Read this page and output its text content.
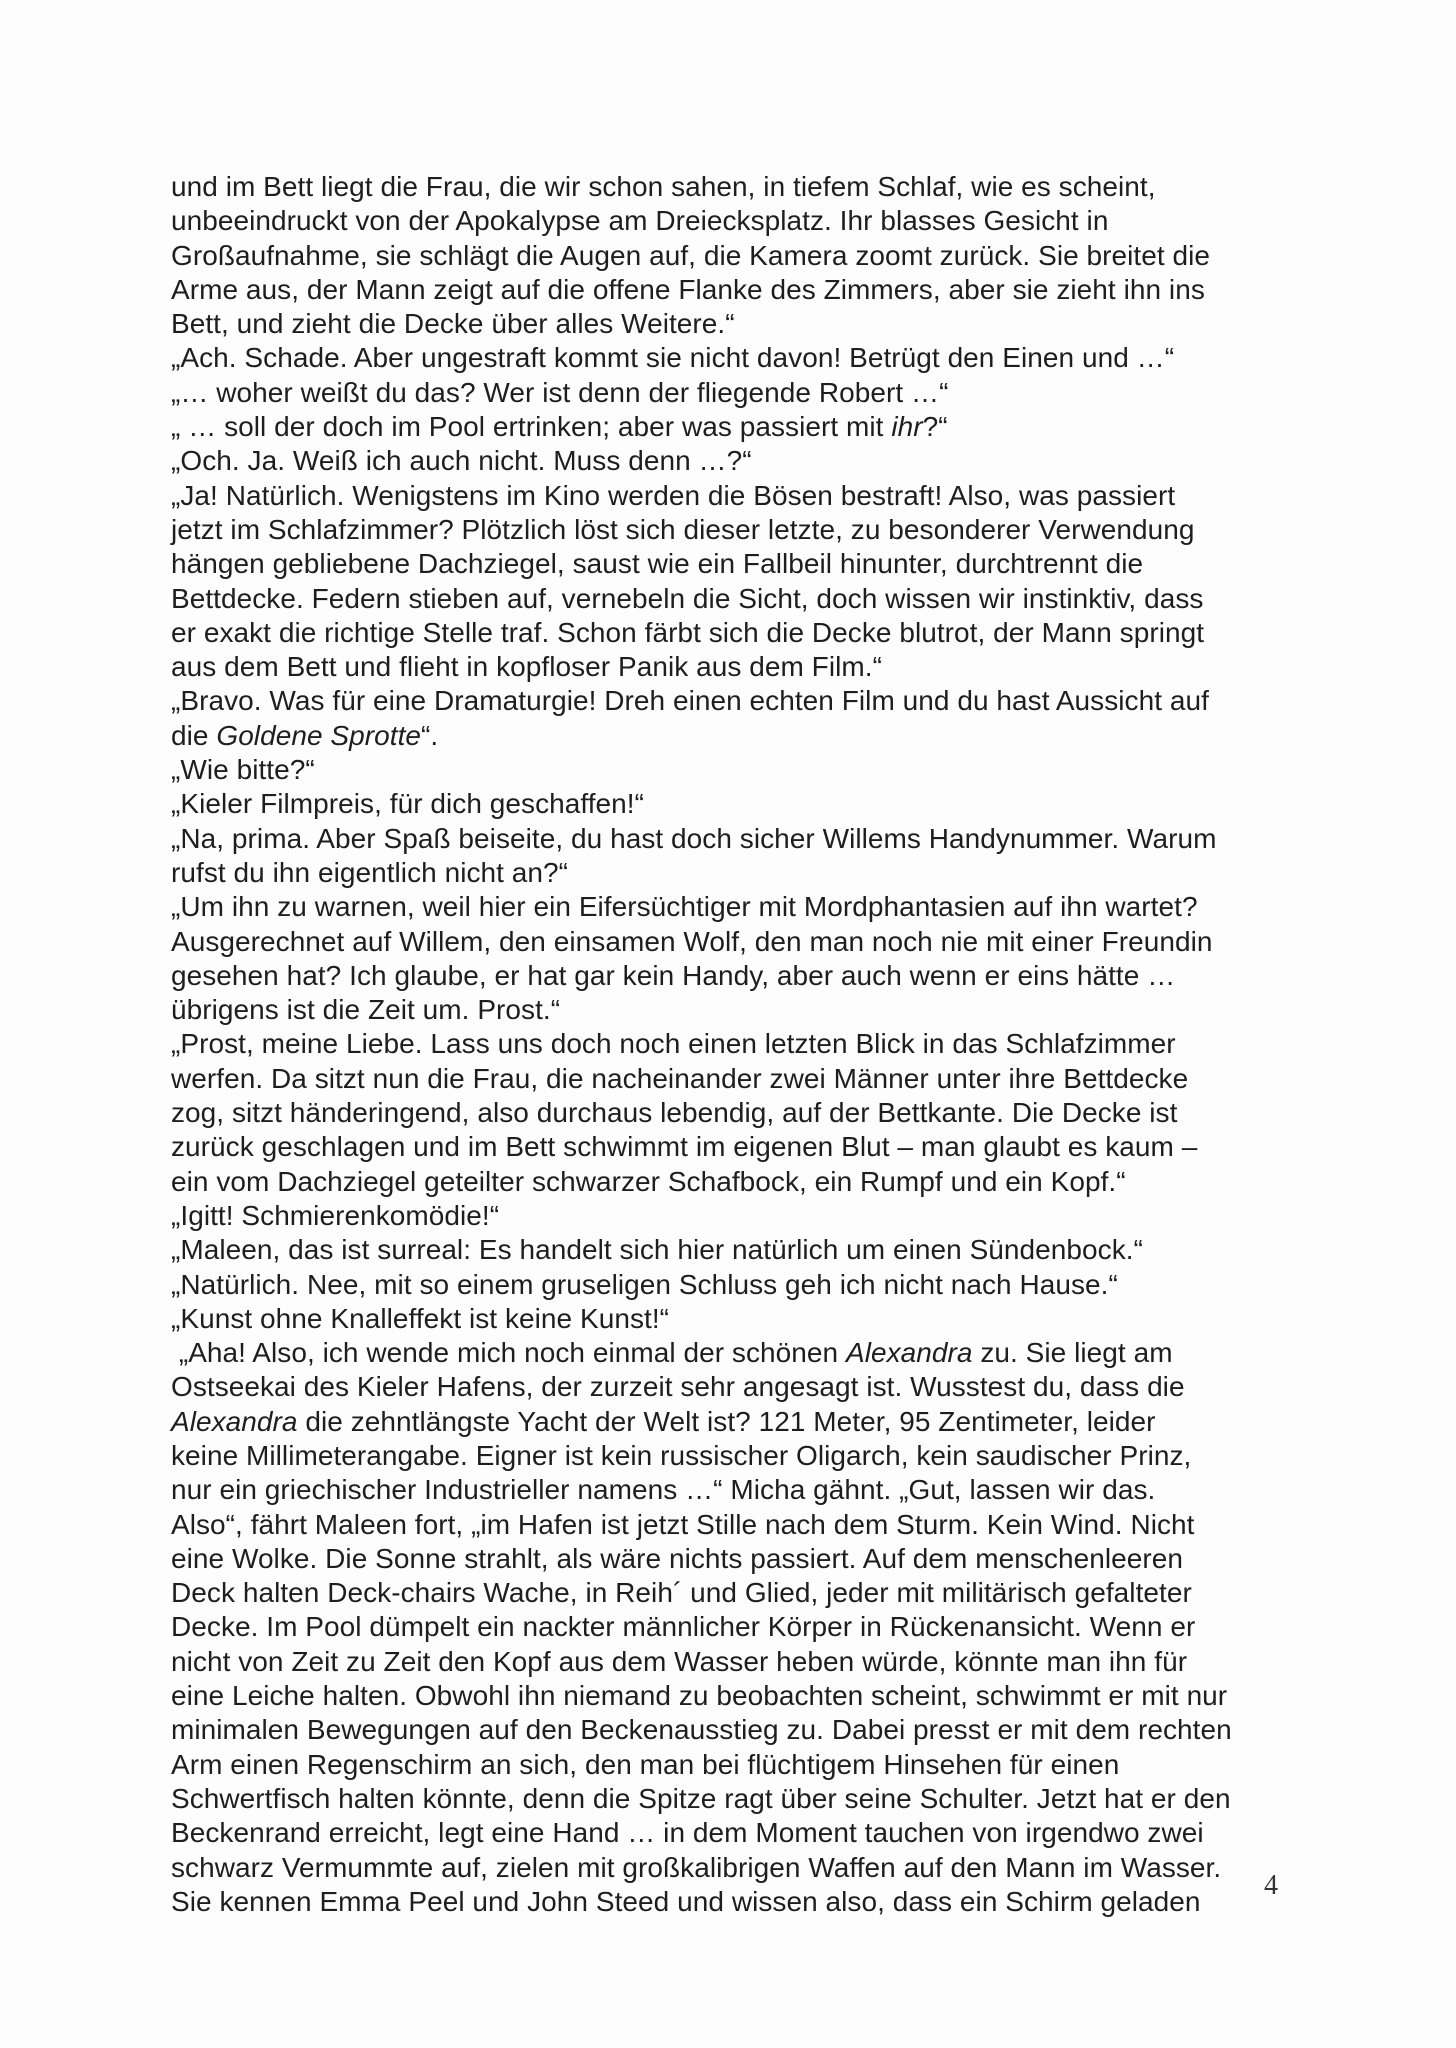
und im Bett liegt die Frau, die wir schon sahen, in tiefem Schlaf, wie es scheint,
unbeeindruckt von der Apokalypse am Dreiecksplatz. Ihr blasses Gesicht in
Großaufnahme, sie schlägt die Augen auf, die Kamera zoomt zurück. Sie breitet die
Arme aus, der Mann zeigt auf die offene Flanke des Zimmers, aber sie zieht ihn ins
Bett, und zieht die Decke über alles Weitere.“
„Ach. Schade. Aber ungestraft kommt sie nicht davon! Betrügt den Einen und …“
„… woher weißt du das? Wer ist denn der fliegende Robert …“
„ … soll der doch im Pool ertrinken; aber was passiert mit ihr?“
„Och. Ja. Weiß ich auch nicht. Muss denn …?“
„Ja! Natürlich. Wenigstens im Kino werden die Bösen bestraft! Also, was passiert
jetzt im Schlafzimmer? Plötzlich löst sich dieser letzte, zu besonderer Verwendung
hängen gebliebene Dachziegel, saust wie ein Fallbeil hinunter, durchtrennt die
Bettdecke. Federn stieben auf, vernebeln die Sicht, doch wissen wir instinktiv, dass
er exakt die richtige Stelle traf. Schon färbt sich die Decke blutrot, der Mann springt
aus dem Bett und flieht in kopfloser Panik aus dem Film.“
„Bravo. Was für eine Dramaturgie! Dreh einen echten Film und du hast Aussicht auf
die Goldene Sprotte“.
„Wie bitte?“
„Kieler Filmpreis, für dich geschaffen!“
„Na, prima. Aber Spaß beiseite, du hast doch sicher Willems Handynummer. Warum
rufst du ihn eigentlich nicht an?“
„Um ihn zu warnen, weil hier ein Eifersüchtiger mit Mordphantasien auf ihn wartet?
Ausgerechnet auf Willem, den einsamen Wolf, den man noch nie mit einer Freundin
gesehen hat? Ich glaube, er hat gar kein Handy, aber auch wenn er eins hätte …
übrigens ist die Zeit um. Prost.“
„Prost, meine Liebe. Lass uns doch noch einen letzten Blick in das Schlafzimmer
werfen. Da sitzt nun die Frau, die nacheinander zwei Männer unter ihre Bettdecke
zog, sitzt händeringend, also durchaus lebendig, auf der Bettkante. Die Decke ist
zurück geschlagen und im Bett schwimmt im eigenen Blut – man glaubt es kaum –
ein vom Dachziegel geteilter schwarzer Schafbock, ein Rumpf und ein Kopf.“
„Igitt! Schmierenkomödie!“
„Maleen, das ist surreal: Es handelt sich hier natürlich um einen Sündenbock.“
„Natürlich. Nee, mit so einem gruseligen Schluss geh ich nicht nach Hause.“
„Kunst ohne Knalleffekt ist keine Kunst!“
„Aha! Also, ich wende mich noch einmal der schönen Alexandra zu. Sie liegt am
Ostseekai des Kieler Hafens, der zurzeit sehr angesagt ist. Wusstest du, dass die
Alexandra die zehntlängste Yacht der Welt ist? 121 Meter, 95 Zentimeter, leider
keine Millimeterangabe. Eigner ist kein russischer Oligarch, kein saudischer Prinz,
nur ein griechischer Industrieller namens …“ Micha gähnt. „Gut, lassen wir das.
Also“, fährt Maleen fort, „im Hafen ist jetzt Stille nach dem Sturm. Kein Wind. Nicht
eine Wolke. Die Sonne strahlt, als wäre nichts passiert. Auf dem menschenleeren
Deck halten Deck-chairs Wache, in Reih´ und Glied, jeder mit militärisch gefalteter
Decke. Im Pool dümpelt ein nackter männlicher Körper in Rückenansicht. Wenn er
nicht von Zeit zu Zeit den Kopf aus dem Wasser heben würde, könnte man ihn für
eine Leiche halten. Obwohl ihn niemand zu beobachten scheint, schwimmt er mit nur
minimalen Bewegungen auf den Beckenausstieg zu. Dabei presst er mit dem rechten
Arm einen Regenschirm an sich, den man bei flüchtigem Hinsehen für einen
Schwertfisch halten könnte, denn die Spitze ragt über seine Schulter. Jetzt hat er den
Beckenrand erreicht, legt eine Hand … in dem Moment tauchen von irgendwo zwei
schwarz Vermummte auf, zielen mit großkalibrigen Waffen auf den Mann im Wasser.
Sie kennen Emma Peel und John Steed und wissen also, dass ein Schirm geladen
4
